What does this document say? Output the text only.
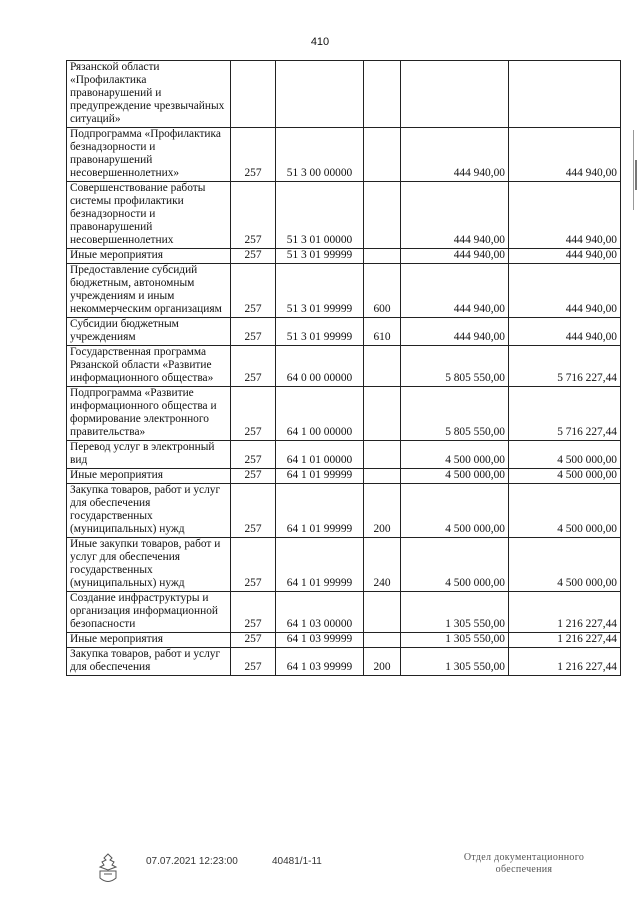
410
Рязанской области «Профилактика правонарушений и предупреждение чрезвычайных ситуаций»					
Подпрограмма «Профилактика безнадзорности и правонарушений несовершеннолетних»	257	51 3 00 00000		444 940,00	444 940,00
Совершенствование работы системы профилактики безнадзорности и правонарушений несовершеннолетних	257	51 3 01 00000		444 940,00	444 940,00
Иные мероприятия	257	51 3 01 99999		444 940,00	444 940,00
Предоставление субсидий бюджетным, автономным учреждениям и иным некоммерческим организациям	257	51 3 01 99999	600	444 940,00	444 940,00
Субсидии бюджетным учреждениям	257	51 3 01 99999	610	444 940,00	444 940,00
Государственная программа Рязанской области «Развитие информационного общества»	257	64 0 00 00000		5 805 550,00	5 716 227,44
Подпрограмма «Развитие информационного общества и формирование электронного правительства»	257	64 1 00 00000		5 805 550,00	5 716 227,44
Перевод услуг в электронный вид	257	64 1 01 00000		4 500 000,00	4 500 000,00
Иные мероприятия	257	64 1 01 99999		4 500 000,00	4 500 000,00
Закупка товаров, работ и услуг для обеспечения государственных (муниципальных) нужд	257	64 1 01 99999	200	4 500 000,00	4 500 000,00
Иные закупки товаров, работ и услуг для обеспечения государственных (муниципальных) нужд	257	64 1 01 99999	240	4 500 000,00	4 500 000,00
Создание инфраструктуры и организация информационной безопасности	257	64 1 03 00000		1 305 550,00	1 216 227,44
Иные мероприятия	257	64 1 03 99999		1 305 550,00	1 216 227,44
Закупка товаров, работ и услуг для обеспечения	257	64 1 03 99999	200	1 305 550,00	1 216 227,44
07.07.2021 12:23:00	40481/1-11	Отдел документационного обеспечения
